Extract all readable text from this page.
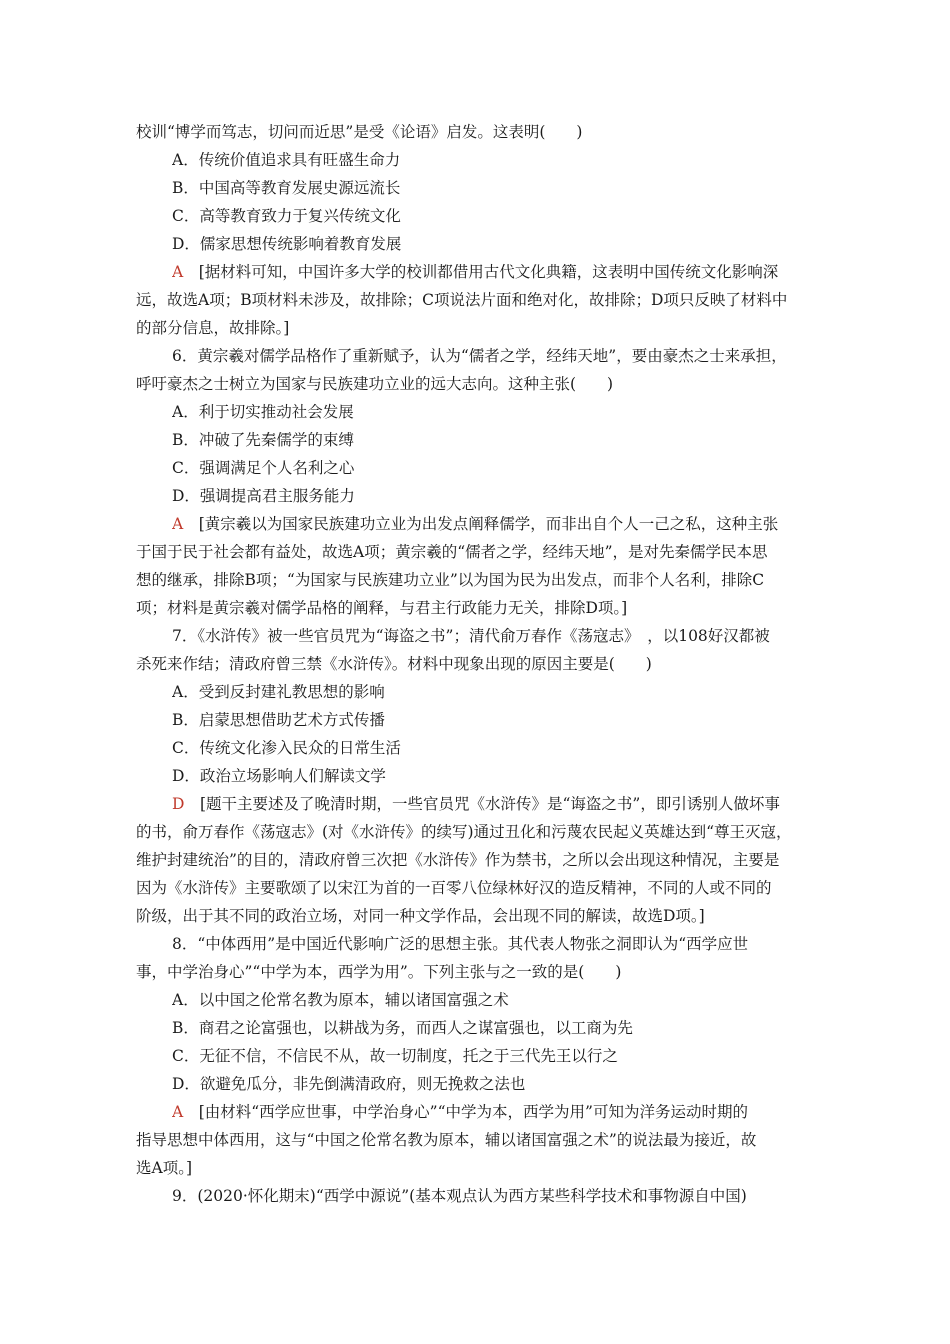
校训“博学而笃志，切问而近思”是受《论语》启发。这表明(　　)
A．传统价值追求具有旺盛生命力
B．中国高等教育发展史源远流长
C．高等教育致力于复兴传统文化
D．儒家思想传统影响着教育发展
A  [据材料可知，中国许多大学的校训都借用古代文化典籍，这表明中国传统文化影响深
远，故选A项；B项材料未涉及，故排除；C项说法片面和绝对化，故排除；D项只反映了材料中
的部分信息，故排除。]
6．黄宗羲对儒学品格作了重新赋予，认为“儒者之学，经纬天地”，要由豪杰之士来承担，
呼吁豪杰之士树立为国家与民族建功立业的远大志向。这种主张(　　)
A．利于切实推动社会发展
B．冲破了先秦儒学的束缚
C．强调满足个人名利之心
D．强调提高君主服务能力
A  [黄宗羲以为国家民族建功立业为出发点阐释儒学，而非出自个人一己之私，这种主张
于国于民于社会都有益处，故选A项；黄宗羲的“儒者之学，经纬天地”，是对先秦儒学民本思
想的继承，排除B项；“为国家与民族建功立业”以为国为民为出发点，而非个人名利，排除C
项；材料是黄宗羲对儒学品格的阐释，与君主行政能力无关，排除D项。]
7．《水浒传》被一些官员咒为“诲盗之书”；清代俞万春作《荡寇志》　，以108好汉都被
杀死来作结；清政府曾三禁《水浒传》。材料中现象出现的原因主要是(　　)
A．受到反封建礼教思想的影响
B．启蒙思想借助艺术方式传播
C．传统文化渗入民众的日常生活
D．政治立场影响人们解读文学
D  [题干主要述及了晚清时期，一些官员咒《水浒传》是“诲盗之书”，即引诱别人做坏事
的书，俞万春作《荡寇志》(对《水浒传》的续写)通过丑化和污蔑农民起义英雄达到“尊王灭寇，
维护封建统治”的目的，清政府曾三次把《水浒传》作为禁书，之所以会出现这种情况，主要是
因为《水浒传》主要歌颂了以宋江为首的一百零八位绿林好汉的造反精神，不同的人或不同的
阶级，出于其不同的政治立场，对同一种文学作品，会出现不同的解读，故选D项。]
8．“中体西用”是中国近代影响广泛的思想主张。其代表人物张之洞即认为“西学应世
事，中学治身心”“中学为本，西学为用”。下列主张与之一致的是(　　)
A．以中国之伦常名教为原本，辅以诸国富强之术
B．商君之论富强也，以耕战为务，而西人之谋富强也，以工商为先
C．无征不信，不信民不从，故一切制度，托之于三代先王以行之
D．欲避免瓜分，非先倒满清政府，则无挽救之法也
A  [由材料“西学应世事，中学治身心”“中学为本，西学为用”可知为洋务运动时期的
指导思想中体西用，这与“中国之伦常名教为原本，辅以诸国富强之术”的说法最为接近，故
选A项。]
9．(2020·怀化期末)“西学中源说”(基本观点认为西方某些科学技术和事物源自中国)
